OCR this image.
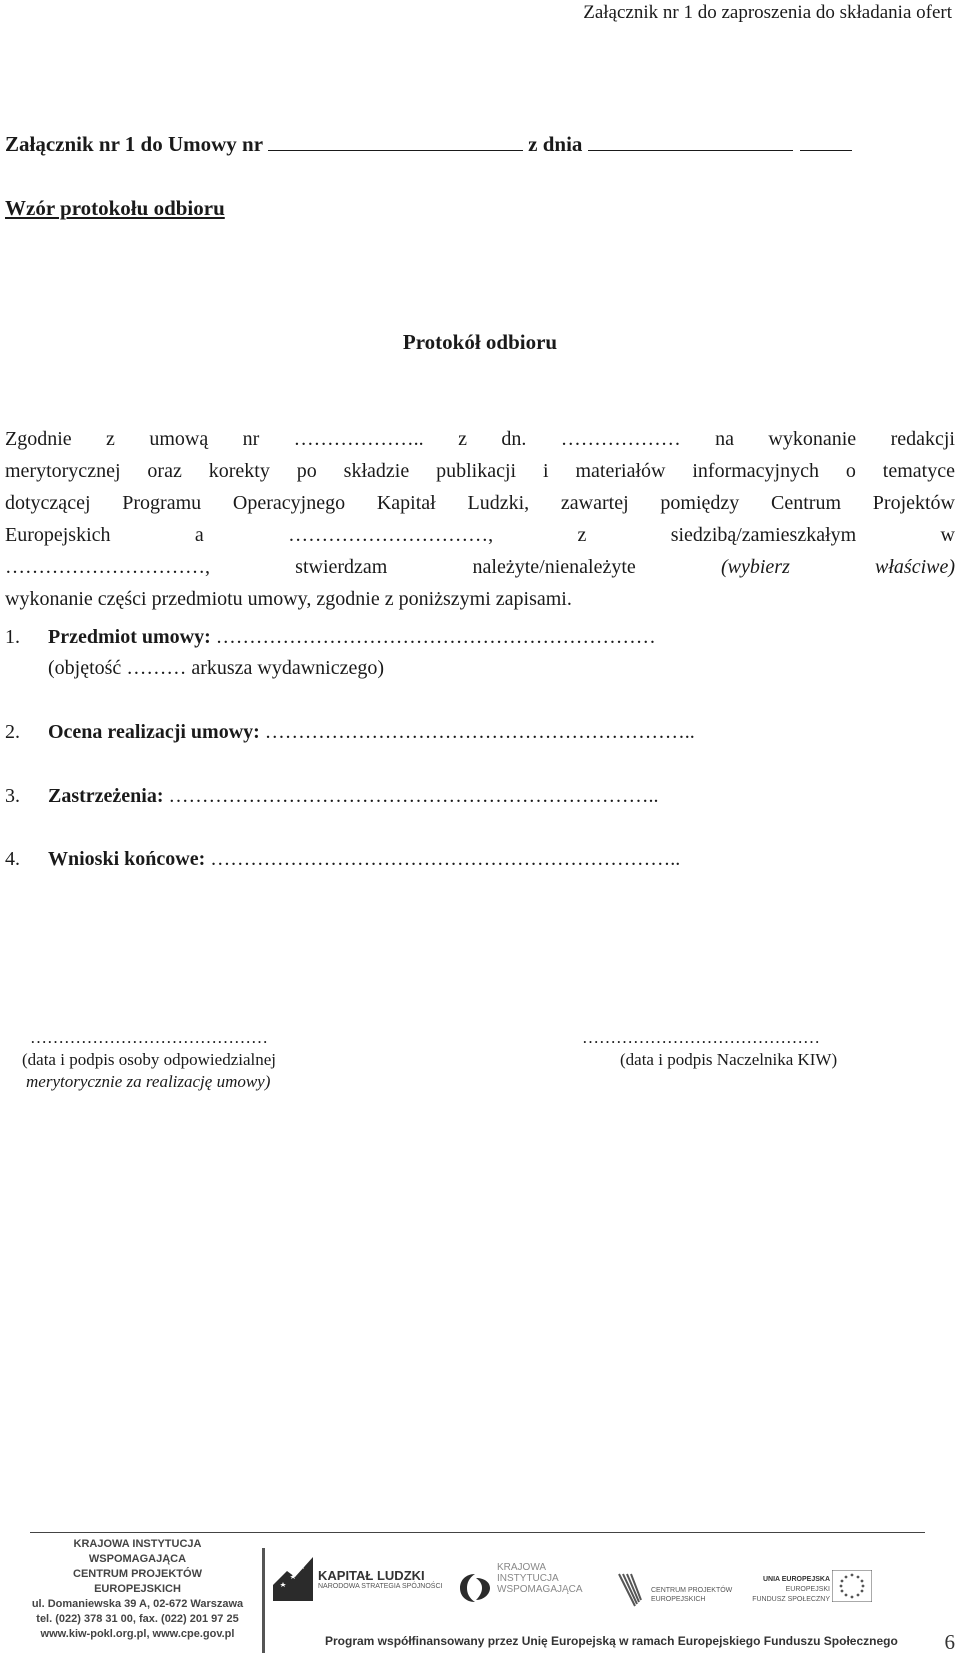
Załącznik nr 1 do zaproszenia do składania ofert
Załącznik nr 1 do Umowy nr	z dnia
Wzór protokołu odbioru
Protokół odbioru

Zgodnie z umową nr ……………….. z dn. ……………… na wykonanie redakcji

merytorycznej oraz korekty po składzie publikacji i materiałów informacyjnych o tematyce

dotyczącej Programu Operacyjnego Kapitał Ludzki, zawartej pomiędzy Centrum Projektów

Europejskich a …………………………, z siedzibą/zamieszkałym w

…………………………, stwierdzam należyte/nienależyte	(wybierz właściwe)

wykonanie części przedmiotu umowy, zgodnie z poniższymi zapisami.

1. Przedmiot umowy: …………………………………………………………
(objętość ……… arkusza wydawniczego)
2. Ocena realizacji umowy: ………………………………………………………..
3. Zastrzeżenia: ………………………………………………………………..
4. Wnioski końcowe: ……………………………………………………………..
……………………………………
(data i podpis osoby odpowiedzialnej
merytorycznie za realizację umowy)
……………………………………
(data i podpis Naczelnika KIW)
KRAJOWA INSTYTUCJA WSPOMAGAJĄCA
CENTRUM PROJEKTÓW EUROPEJSKICH
ul. Domaniewska 39 A, 02-672 Warszawa
tel. (022) 378 31 00, fax. (022) 201 97 25
www.kiw-pokl.org.pl, www.cpe.gov.pl
KAPITAŁ LUDZKI
NARODOWA STRATEGIA SPÓJNOŚCI
KRAJOWA
INSTYTUCJA
WSPOMAGAJĄCA	CENTRUM PROJEKTÓW
EUROPEJSKICH
UNIA EUROPEJSKA
EUROPEJSKI
FUNDUSZ SPOŁECZNY
Program współfinansowany przez Unię Europejską w ramach Europejskiego Funduszu Społecznego 6
